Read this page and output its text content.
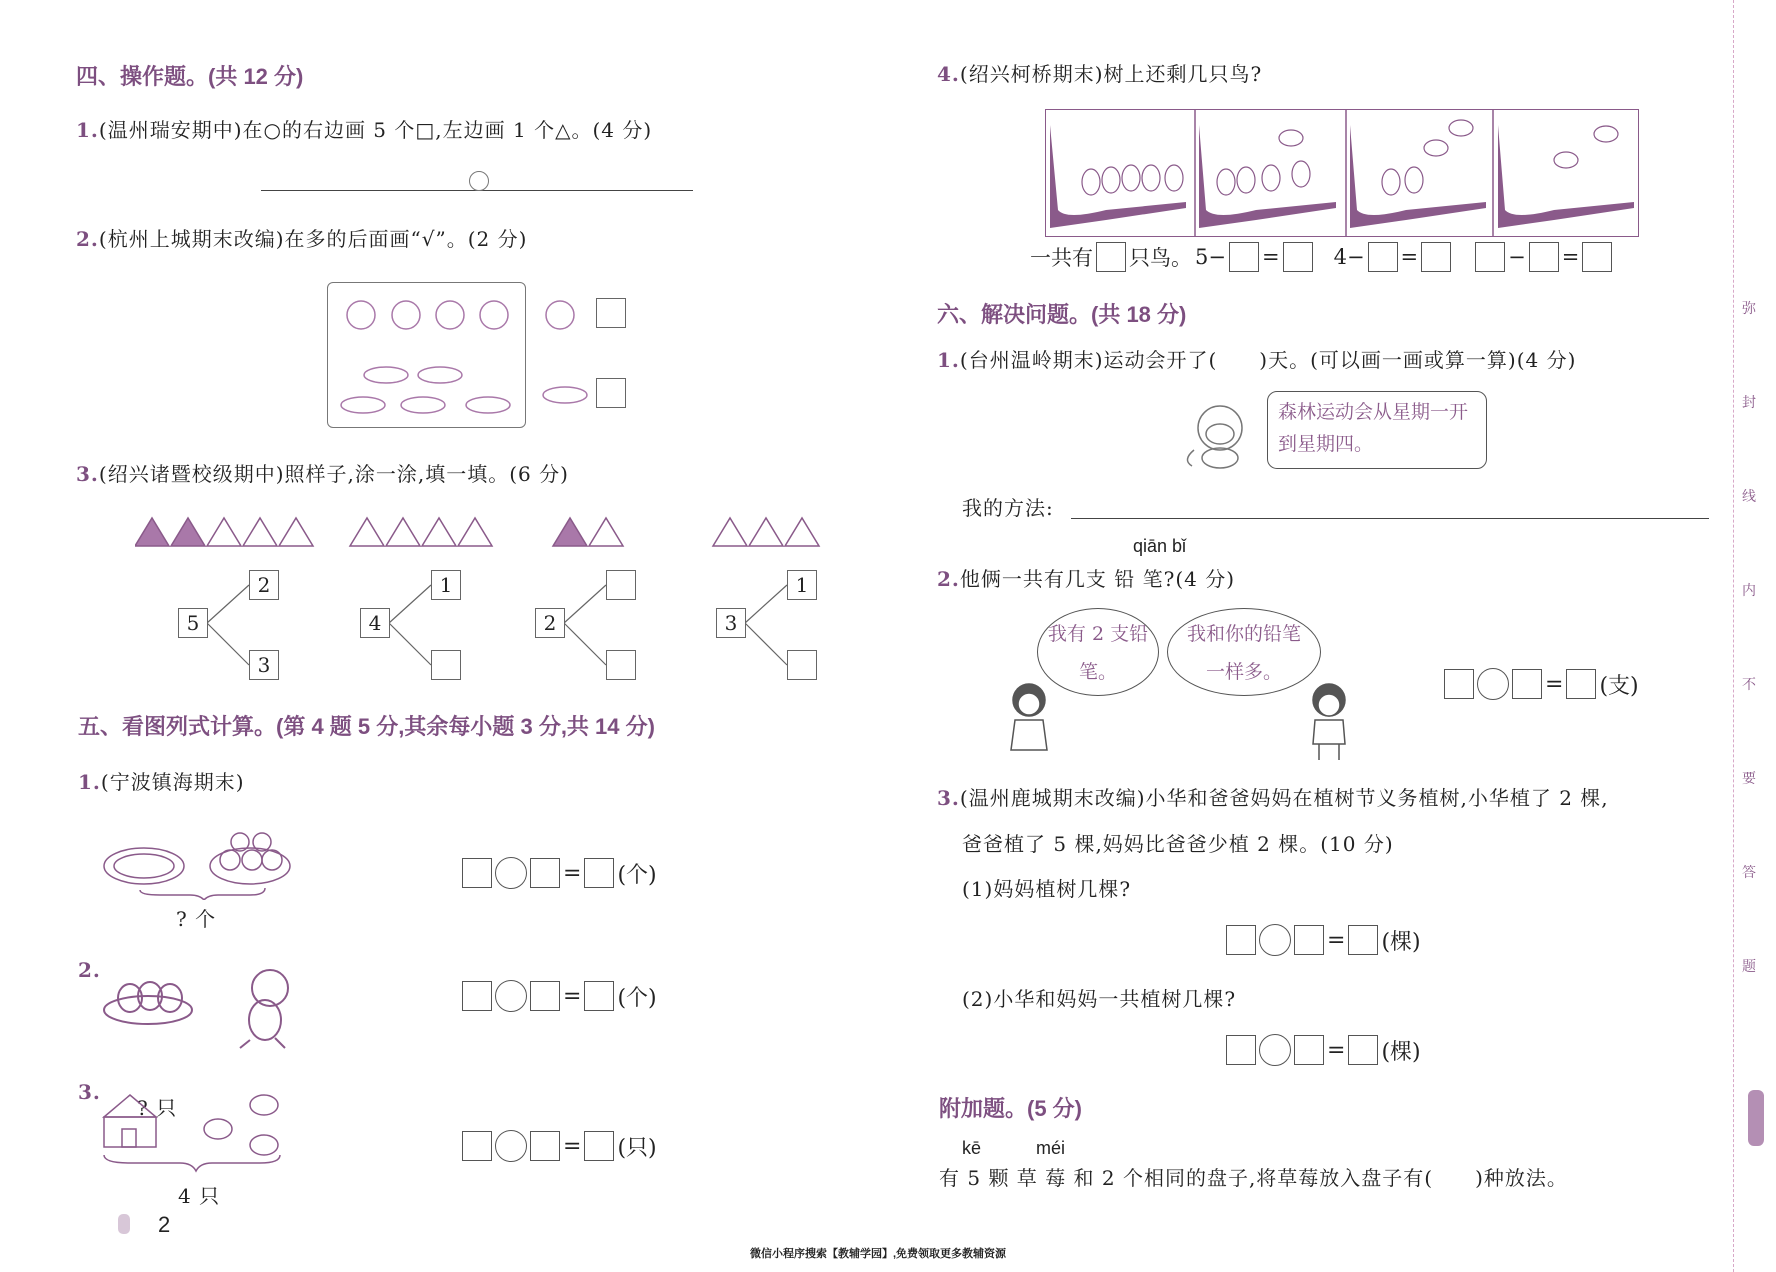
四、操作题。(共 12 分)
1.(温州瑞安期中)在○的右边画 5 个□,左边画 1 个△。(4 分)
2.(杭州上城期末改编)在多的后面画“√”。(2 分)
3.(绍兴诸暨校级期中)照样子,涂一涂,填一填。(6 分)
5
2
3
4
1
2	3
1
五、看图列式计算。(第 4 题 5 分,其余每小题 3 分,共 14 分)
1.(宁波镇海期末)
? 个
= (个)
2.
= (个)
3.
? 只
4 只
= (只)
2
4.(绍兴柯桥期末)树上还剩几只鸟?
一共有 只鸟。 5− =	4− =	− =
六、解决问题。(共 18 分)
1.(台州温岭期末)运动会开了(　　)天。(可以画一画或算一算)(4 分)
森林运动会从星期一开到星期四。
我的方法:
qiān bǐ
2.他俩一共有几支 铅 笔?(4 分)
我有 2 支铅笔。
我和你的铅笔一样多。	= (支)
3.(温州鹿城期末改编)小华和爸爸妈妈在植树节义务植树,小华植了 2 棵,
爸爸植了 5 棵,妈妈比爸爸少植 2 棵。(10 分)
(1)妈妈植树几棵?
= (棵)
(2)小华和妈妈一共植树几棵?
= (棵)
附加题。(5 分)
kē	méi
有 5 颗 草 莓 和 2 个相同的盘子,将草莓放入盘子有(　　)种放法。
弥
封
线
内
不
要
答
题
微信小程序搜索【教辅学园】,免费领取更多教辅资源
